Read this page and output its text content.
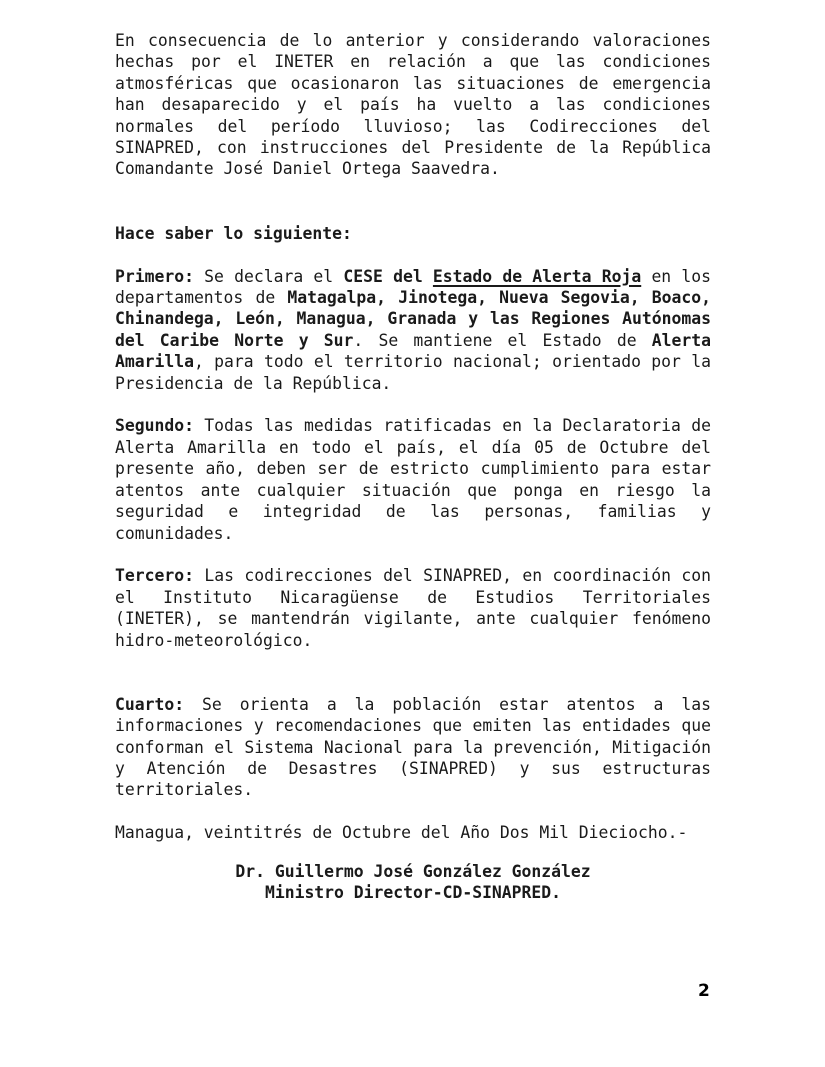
En consecuencia de lo anterior y considerando valoraciones hechas por el INETER en relación a que las condiciones atmosféricas que ocasionaron las situaciones de emergencia han desaparecido y el país ha vuelto a las condiciones normales del período lluvioso; las Codirecciones del SINAPRED, con instrucciones del Presidente de la República Comandante José Daniel Ortega Saavedra.

Hace saber lo siguiente:

Primero: Se declara el CESE del Estado de Alerta Roja en los departamentos de Matagalpa, Jinotega, Nueva Segovia, Boaco, Chinandega, León, Managua, Granada y las Regiones Autónomas del Caribe Norte y Sur. Se mantiene el Estado de Alerta Amarilla, para todo el territorio nacional; orientado por la Presidencia de la República.

Segundo: Todas las medidas ratificadas en la Declaratoria de Alerta Amarilla en todo el país, el día 05 de Octubre del presente año, deben ser de estricto cumplimiento para estar atentos ante cualquier situación que ponga en riesgo la seguridad e integridad de las personas, familias y comunidades.

Tercero: Las codirecciones del SINAPRED, en coordinación con el Instituto Nicaragüense de Estudios Territoriales (INETER), se mantendrán vigilante, ante cualquier fenómeno hidro-meteorológico.

Cuarto: Se orienta a la población estar atentos a las informaciones y recomendaciones que emiten las entidades que conforman el Sistema Nacional para la prevención, Mitigación y Atención de Desastres (SINAPRED) y sus estructuras territoriales.

Managua, veintitrés de Octubre del Año Dos Mil Dieciocho.-

Dr. Guillermo José González González

Ministro Director-CD-SINAPRED.

2
